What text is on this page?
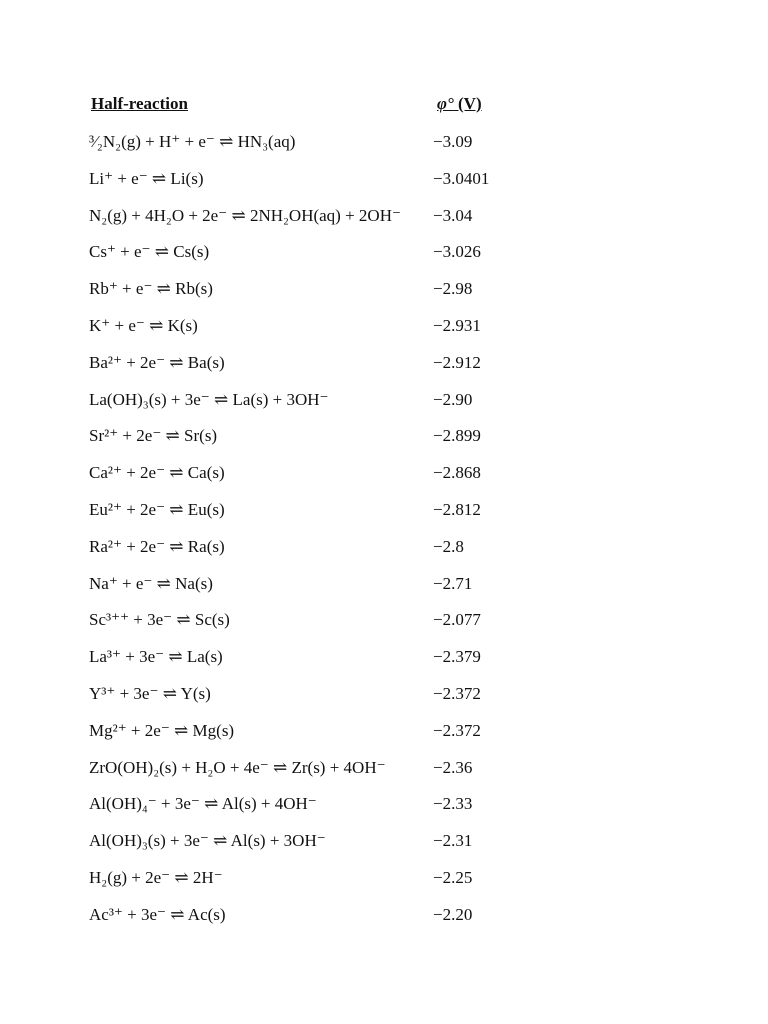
Half-reaction	φ° (V)
³⁄₂N₂(g) + H⁺ + e⁻ ⇌ HN₃(aq)	−3.09
Li⁺ + e⁻ ⇌ Li(s)	−3.0401
N₂(g) + 4H₂O + 2e⁻ ⇌ 2NH₂OH(aq) + 2OH⁻ −3.04
Cs⁺ + e⁻ ⇌ Cs(s)	−3.026
Rb⁺ + e⁻ ⇌ Rb(s)	−2.98
K⁺ + e⁻ ⇌ K(s)	−2.931
Ba²⁺ + 2e⁻ ⇌ Ba(s)	−2.912
La(OH)₃(s) + 3e⁻ ⇌ La(s) + 3OH⁻	−2.90
Sr²⁺ + 2e⁻ ⇌ Sr(s)	−2.899
Ca²⁺ + 2e⁻ ⇌ Ca(s)	−2.868
Eu²⁺ + 2e⁻ ⇌ Eu(s)	−2.812
Ra²⁺ + 2e⁻ ⇌ Ra(s)	−2.8
Na⁺ + e⁻ ⇌ Na(s)	−2.71
Sc³⁺⁺ + 3e⁻ ⇌ Sc(s)	−2.077
La³⁺ + 3e⁻ ⇌ La(s)	−2.379
Y³⁺ + 3e⁻ ⇌ Y(s)	−2.372
Mg²⁺ + 2e⁻ ⇌ Mg(s)	−2.372
ZrO(OH)₂(s) + H₂O + 4e⁻ ⇌ Zr(s) + 4OH⁻	−2.36
Al(OH)₄⁻ + 3e⁻ ⇌ Al(s) + 4OH⁻	−2.33
Al(OH)₃(s) + 3e⁻ ⇌ Al(s) + 3OH⁻	−2.31
H₂(g) + 2e⁻ ⇌ 2H⁻	−2.25
Ac³⁺ + 3e⁻ ⇌ Ac(s)	−2.20
